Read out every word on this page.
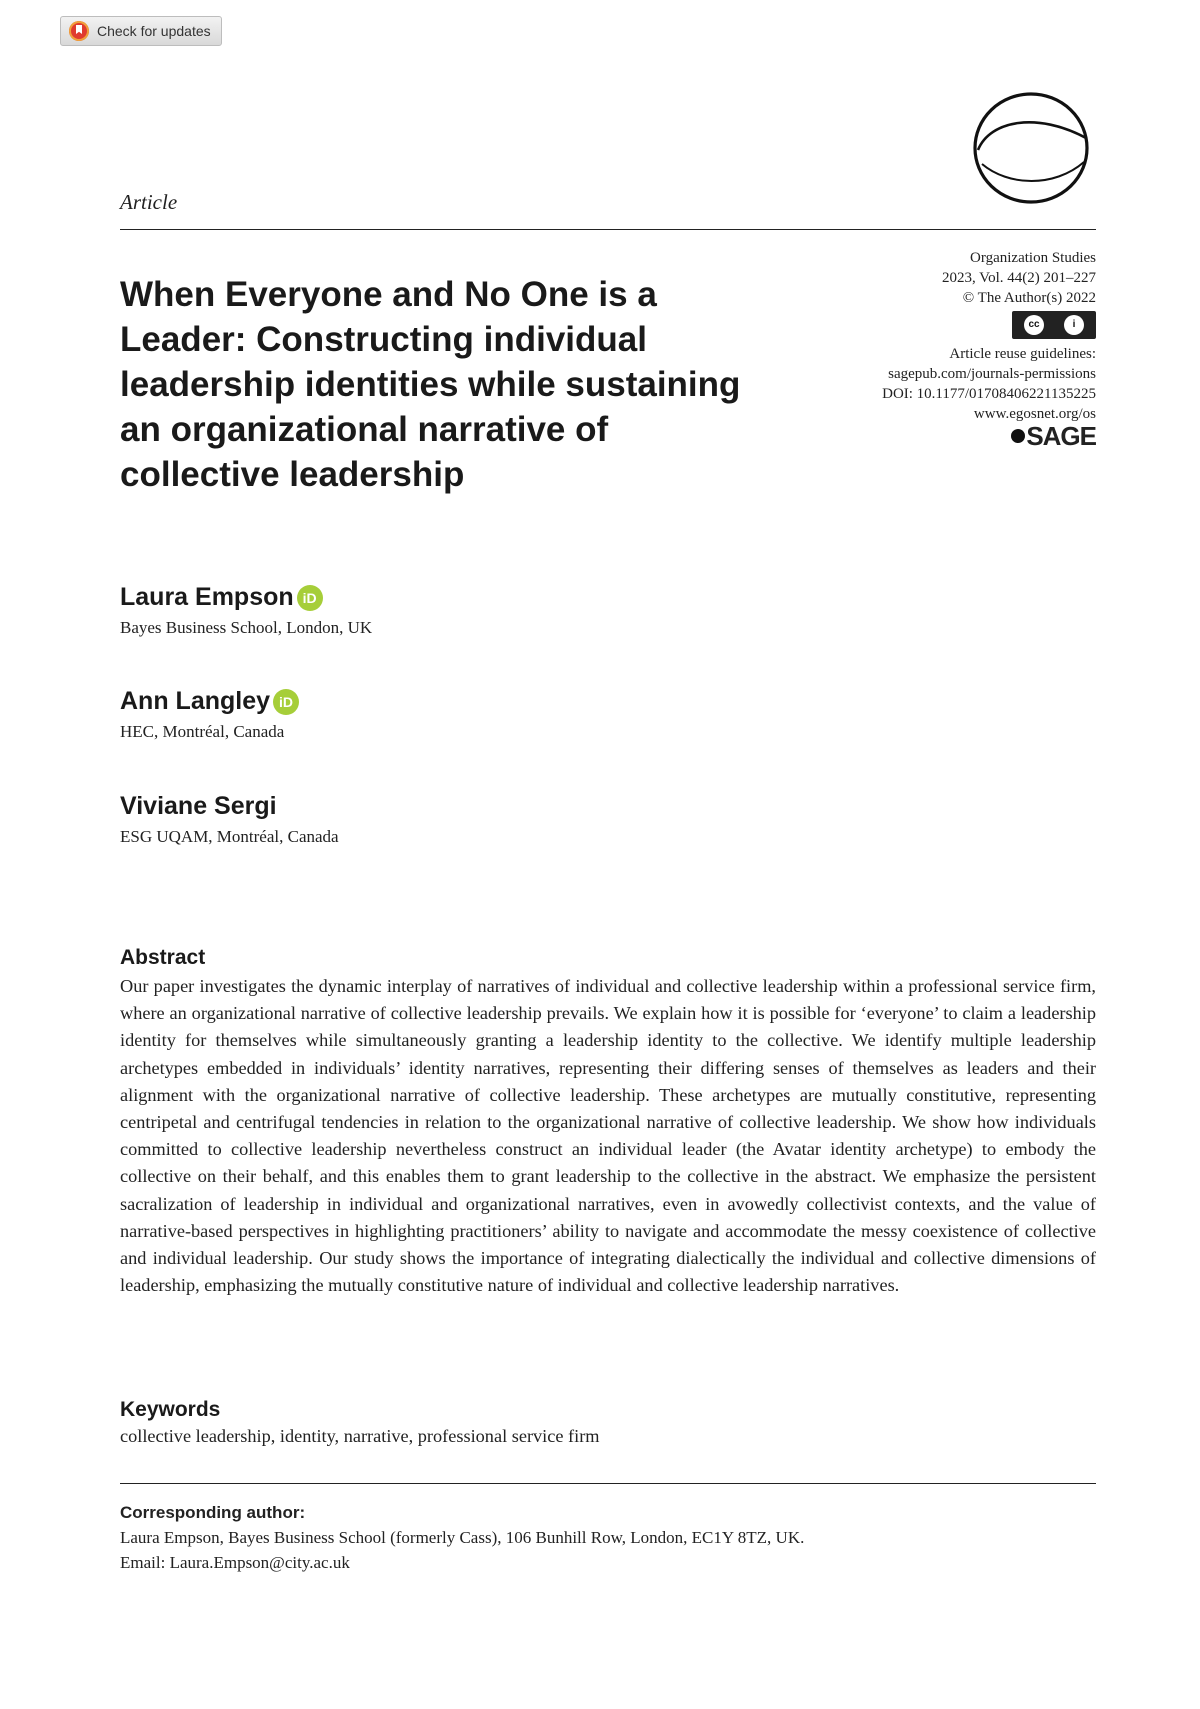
Check for updates
Article
When Everyone and No One is a Leader: Constructing individual leadership identities while sustaining an organizational narrative of collective leadership
Organization Studies
2023, Vol. 44(2) 201–227
© The Author(s) 2022
cc	i
Article reuse guidelines:
sagepub.com/journals-permissions
DOI: 10.1177/01708406221135225
www.egosnet.org/os
SAGE
Laura Empson iD
Bayes Business School, London, UK
Ann Langley iD
HEC, Montréal, Canada
Viviane Sergi
ESG UQAM, Montréal, Canada
Abstract

Our paper investigates the dynamic interplay of narratives of individual and collective leadership within a professional service firm, where an organizational narrative of collective leadership prevails. We explain how it is possible for ‘everyone’ to claim a leadership identity for themselves while simultaneously granting a leadership identity to the collective. We identify multiple leadership archetypes embedded in individuals’ identity narratives, representing their differing senses of themselves as leaders and their alignment with the organizational narrative of collective leadership. These archetypes are mutually constitutive, representing centripetal and centrifugal tendencies in relation to the organizational narrative of collective leadership. We show how individuals committed to collective leadership nevertheless construct an individual leader (the Avatar identity archetype) to embody the collective on their behalf, and this enables them to grant leadership to the collective in the abstract. We emphasize the persistent sacralization of leadership in individual and organizational narratives, even in avowedly collectivist contexts, and the value of narrative-based perspectives in highlighting practitioners’ ability to navigate and accommodate the messy coexistence of collective and individual leadership. Our study shows the importance of integrating dialectically the individual and collective dimensions of leadership, emphasizing the mutually constitutive nature of individual and collective leadership narratives.

Keywords
collective leadership, identity, narrative, professional service firm
Corresponding author:
Laura Empson, Bayes Business School (formerly Cass), 106 Bunhill Row, London, EC1Y 8TZ, UK.
Email: Laura.Empson@city.ac.uk
